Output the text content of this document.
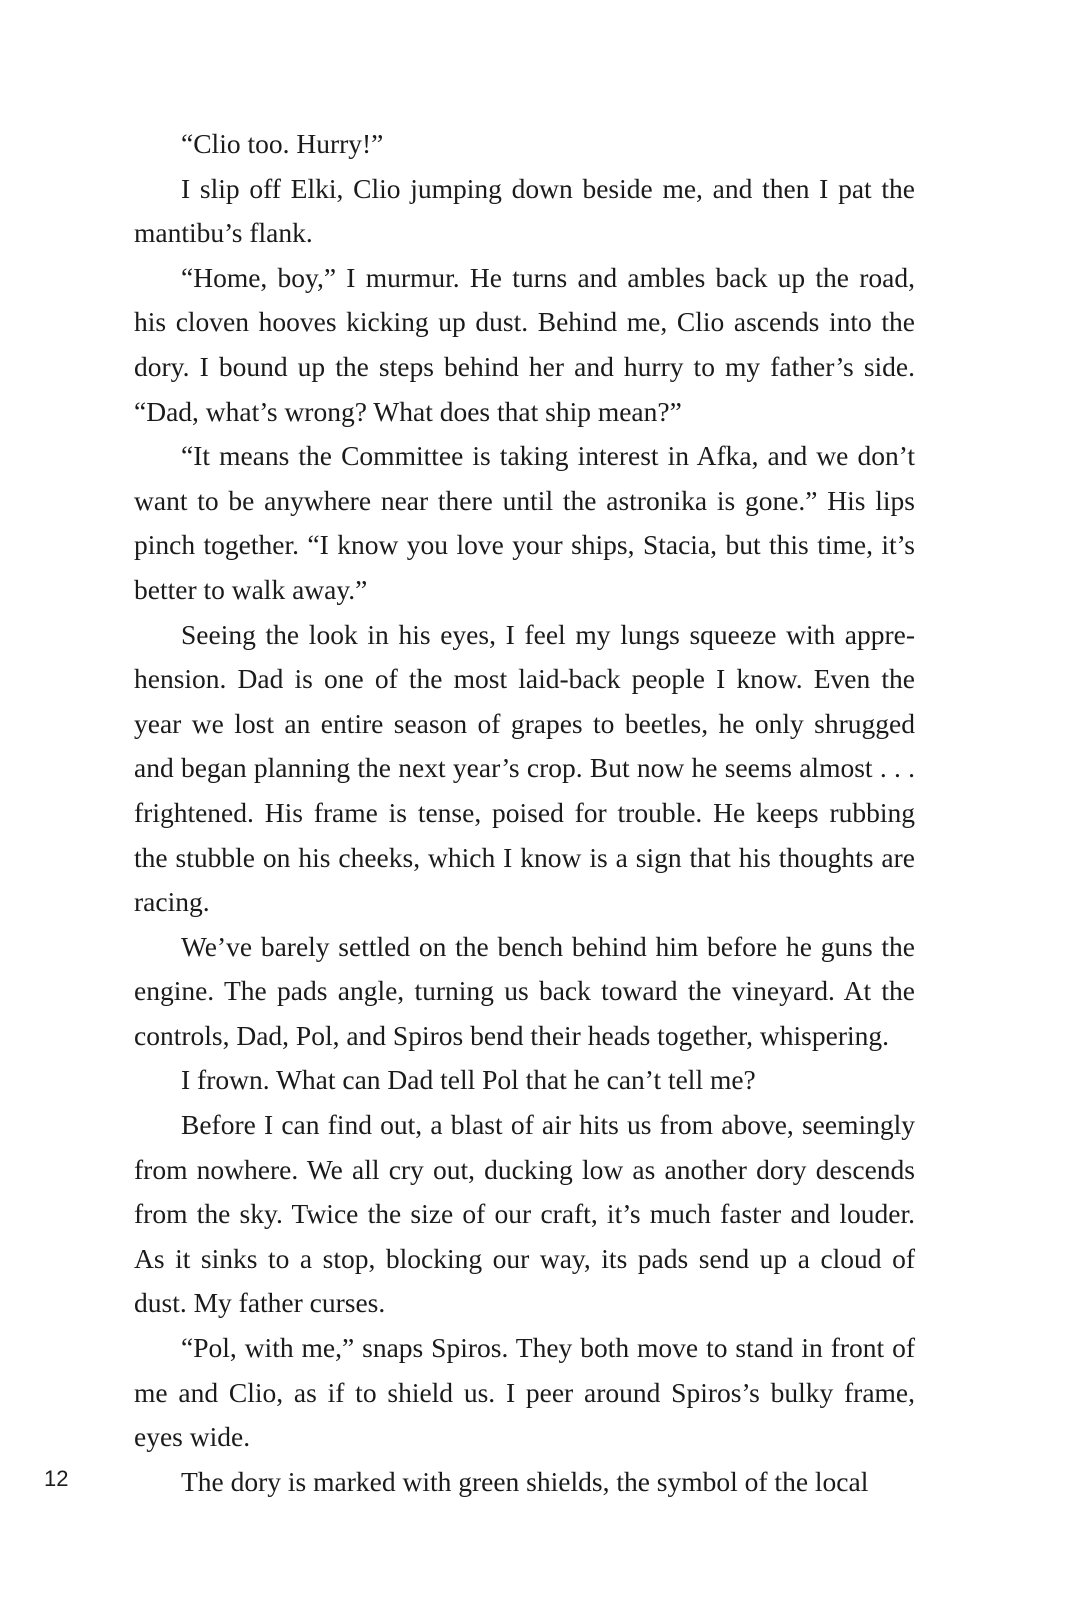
“Clio too. Hurry!”

I slip off Elki, Clio jumping down beside me, and then I pat the mantibu’s flank.

“Home, boy,” I murmur. He turns and ambles back up the road, his cloven hooves kicking up dust. Behind me, Clio ascends into the dory. I bound up the steps behind her and hurry to my father’s side. “Dad, what’s wrong? What does that ship mean?”

“It means the Committee is taking interest in Afka, and we don’t want to be anywhere near there until the astronika is gone.” His lips pinch together. “I know you love your ships, Stacia, but this time, it’s better to walk away.”

Seeing the look in his eyes, I feel my lungs squeeze with apprehension. Dad is one of the most laid-back people I know. Even the year we lost an entire season of grapes to beetles, he only shrugged and began planning the next year’s crop. But now he seems almost . . . frightened. His frame is tense, poised for trouble. He keeps rubbing the stubble on his cheeks, which I know is a sign that his thoughts are racing.

We’ve barely settled on the bench behind him before he guns the engine. The pads angle, turning us back toward the vineyard. At the controls, Dad, Pol, and Spiros bend their heads together, whispering.

I frown. What can Dad tell Pol that he can’t tell me?

Before I can find out, a blast of air hits us from above, seemingly from nowhere. We all cry out, ducking low as another dory descends from the sky. Twice the size of our craft, it’s much faster and louder. As it sinks to a stop, blocking our way, its pads send up a cloud of dust. My father curses.

“Pol, with me,” snaps Spiros. They both move to stand in front of me and Clio, as if to shield us. I peer around Spiros’s bulky frame, eyes wide.

The dory is marked with green shields, the symbol of the local

12
